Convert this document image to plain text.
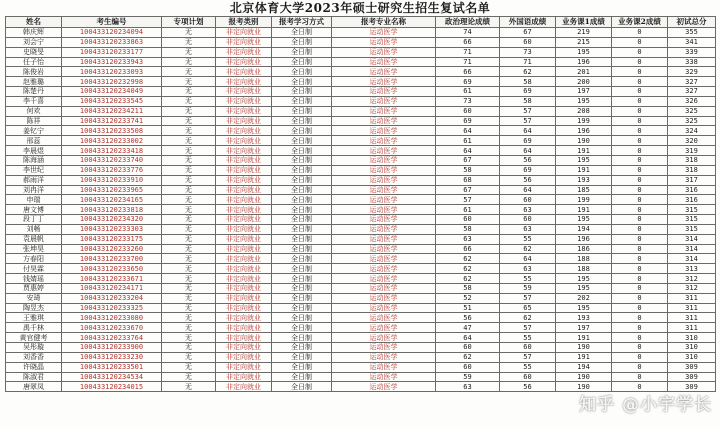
北京体育大学2023年硕士研究生招生复试名单
姓名	考生编号	专项计划	报考类别	报考学习方式	报考专业名称	政治理论成绩	外国语成绩	业务课1成绩	业务课2成绩	初试总分
韩庆辉	100433120234094	无	非定向就业	全日制	运动医学	74	67	219	0	355
刘会宁	100433120233863	无	非定向就业	全日制	运动医学	66	60	215	0	341
史晓旻	100433120233177	无	非定向就业	全日制	运动医学	71	73	195	0	339
任子怡	100433120233943	无	非定向就业	全日制	运动医学	71	71	196	0	338
陈俊岩	100433120233093	无	非定向就业	全日制	运动医学	66	62	201	0	329
赵雅璐	100433120232998	无	非定向就业	全日制	运动医学	69	58	200	0	327
陈楚丹	100433120234049	无	非定向就业	全日制	运动医学	61	69	197	0	327
李千喜	100433120233545	无	非定向就业	全日制	运动医学	73	58	195	0	326
何欢	100433120234211	无	非定向就业	全日制	运动医学	60	57	208	0	325
陈祥	100433120233741	无	非定向就业	全日制	运动医学	69	57	199	0	325
姜钇宁	100433120233508	无	非定向就业	全日制	运动医学	64	64	196	0	324
邢蕊	100433120233002	无	非定向就业	全日制	运动医学	61	69	190	0	320
李晨煜	100433120233418	无	非定向就业	全日制	运动医学	64	64	191	0	319
陈海涵	100433120233740	无	非定向就业	全日制	运动医学	67	56	195	0	318
李世纪	100433120233776	无	非定向就业	全日制	运动医学	58	69	191	0	318
郝雨洋	100433120233910	无	非定向就业	全日制	运动医学	68	56	193	0	317
刘冉洋	100433120233965	无	非定向就业	全日制	运动医学	67	64	185	0	316
申瑞	100433120234165	无	非定向就业	全日制	运动医学	57	60	199	0	316
唐文博	100433120233818	无	非定向就业	全日制	运动医学	61	63	191	0	315
段丁丁	100433120234320	无	非定向就业	全日制	运动医学	60	60	195	0	315
刘畅	100433120233303	无	非定向就业	全日制	运动医学	58	63	194	0	315
袁晨帆	100433120233175	无	非定向就业	全日制	运动医学	63	55	196	0	314
张坤昊	100433120233260	无	非定向就业	全日制	运动医学	66	62	186	0	314
方春阳	100433120233700	无	非定向就业	全日制	运动医学	62	64	188	0	314
付昊霖	100433120233650	无	非定向就业	全日制	运动医学	62	63	188	0	313
钱婧瑶	100433120233671	无	非定向就业	全日制	运动医学	62	55	195	0	312
贾惠婷	100433120234171	无	非定向就业	全日制	运动医学	58	59	195	0	312
安琦	100433120233204	无	非定向就业	全日制	运动医学	52	57	202	0	311
陶昱杰	100433120233325	无	非定向就业	全日制	运动医学	51	65	195	0	311
王雅琪	100433120233080	无	非定向就业	全日制	运动医学	56	62	193	0	311
禹千林	100433120233670	无	非定向就业	全日制	运动医学	47	57	197	0	311
黄官健考	100433120233764	无	非定向就业	全日制	运动医学	64	55	191	0	310
吴彤璇	100433120233900	无	非定向就业	全日制	运动医学	60	60	190	0	310
刘香香	100433120233230	无	非定向就业	全日制	运动医学	62	57	191	0	310
许晓晶	100433120233501	无	非定向就业	全日制	运动医学	60	55	194	0	309
陈淑君	100433120234534	无	非定向就业	全日制	运动医学	59	60	190	0	309
唐翠凤	100433120234015	无	非定向就业	全日制	运动医学	63	56	190	0	309
知乎 @小宇学长
